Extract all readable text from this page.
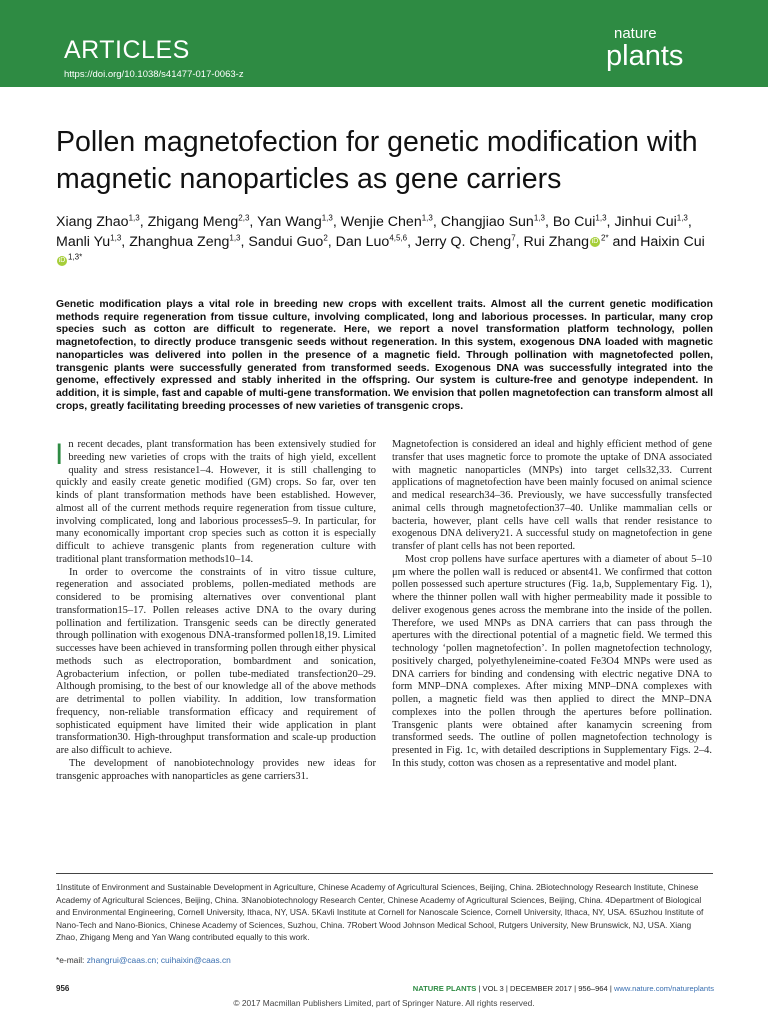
ARTICLES
https://doi.org/10.1038/s41477-017-0063-z
nature
plants
Pollen magnetofection for genetic modification with magnetic nanoparticles as gene carriers
Xiang Zhao$^{1,3}$, Zhigang Meng$^{2,3}$, Yan Wang$^{1,3}$, Wenjie Chen$^{1,3}$, Changjiao Sun$^{1,3}$, Bo Cui$^{1,3}$, Jinhui Cui$^{1,3}$, Manli Yu$^{1,3}$, Zhanghua Zeng$^{1,3}$, Sandui Guo$^2$, Dan Luo$^{4,5,6}$, Jerry Q. Cheng$^7$, Rui Zhang iD $^{2*}$ and Haixin CuiiD $^{1,3*}$

Genetic modification plays a vital role in breeding new crops with excellent traits. Almost all the current genetic modification methods require regeneration from tissue culture, involving complicated, long and laborious processes. In particular, many crop species such as cotton are difficult to regenerate. Here, we report a novel transformation platform technology, pollen magnetofection, to directly produce transgenic seeds without regeneration. In this system, exogenous DNA loaded with magnetic nanoparticles was delivered into pollen in the presence of a magnetic field. Through pollination with magnetofected pollen, transgenic plants were successfully generated from transformed seeds. Exogenous DNA was successfully integrated into the genome, effectively expressed and stably inherited in the offspring. Our system is culture-free and genotype independent. In addition, it is simple, fast and capable of multi-gene transformation. We envision that pollen magnetofection can transform almost all crops, greatly facilitating breeding processes of new varieties of transgenic crops.

In recent decades, plant transformation has been extensively studied for breeding new varieties of crops with the traits of high yield, excellent quality and stress resistance1–4. However, it is still challenging to quickly and easily create genetic modified (GM) crops. So far, over ten kinds of plant transformation methods have been established. However, almost all of the current methods require regeneration from tissue culture, involving complicated, long and laborious processes5–9. In particular, for many economically important crop species such as cotton it is especially difficult to achieve transgenic plants from regeneration culture with traditional plant transformation methods10–14.

In order to overcome the constraints of in vitro tissue culture, regeneration and associated problems, pollen-mediated methods are considered to be promising alternatives over conventional plant transformation15–17. Pollen releases active DNA to the ovary during pollination and fertilization. Transgenic seeds can be directly generated through pollination with exogenous DNA-transformed pollen18,19. Limited successes have been achieved in transforming pollen through either physical methods such as electroporation, bombardment and sonication, Agrobacterium infection, or pollen tube-mediated transfection20–29. Although promising, to the best of our knowledge all of the above methods are detrimental to pollen viability. In addition, low transformation frequency, non-reliable transformation efficacy and requirement of sophisticated equipment have limited their wide application in plant transformation30. High-throughput transformation and scale-up production are also difficult to achieve.

The development of nanobiotechnology provides new ideas for transgenic approaches with nanoparticles as gene carriers31.

Magnetofection is considered an ideal and highly efficient method of gene transfer that uses magnetic force to promote the uptake of DNA associated with magnetic nanoparticles (MNPs) into target cells32,33. Current applications of magnetofection have been mainly focused on animal science and medical research34–36. Previously, we have successfully transfected animal cells through magnetofection37–40. Unlike mammalian cells or bacteria, however, plant cells have cell walls that render resistance to exogenous DNA delivery21. A successful study on magnetofection in gene transfer of plant cells has not been reported.

Most crop pollens have surface apertures with a diameter of about 5–10 μm where the pollen wall is reduced or absent41. We confirmed that cotton pollen possessed such aperture structures (Fig. 1a,b, Supplementary Fig. 1), where the thinner pollen wall with higher permeability made it possible to deliver exogenous genes across the membrane into the inside of the pollen. Therefore, we used MNPs as DNA carriers that can pass through the apertures with the directional potential of a magnetic field. We termed this technology ‘pollen magnetofection’. In pollen magnetofection technology, positively charged, polyethyleneimine-coated Fe3O4 MNPs were used as DNA carriers for binding and condensing with electric negative DNA to form MNP–DNA complexes. After mixing MNP–DNA complexes with pollen, a magnetic field was then applied to direct the MNP–DNA complexes into the pollen through the apertures before pollination. Transgenic plants were obtained after kanamycin screening from transformed seeds. The outline of pollen magnetofection technology is presented in Fig. 1c, with detailed descriptions in Supplementary Figs. 2–4. In this study, cotton was chosen as a representative and model plant.

1Institute of Environment and Sustainable Development in Agriculture, Chinese Academy of Agricultural Sciences, Beijing, China. 2Biotechnology Research Institute, Chinese Academy of Agricultural Sciences, Beijing, China. 3Nanobiotechnology Research Center, Chinese Academy of Agricultural Sciences, Beijing, China. 4Department of Biological and Environmental Engineering, Cornell University, Ithaca, NY, USA. 5Kavli Institute at Cornell for Nanoscale Science, Cornell University, Ithaca, NY, USA. 6Suzhou Institute of Nano-Tech and Nano-Bionics, Chinese Academy of Sciences, Suzhou, China. 7Robert Wood Johnson Medical School, Rutgers University, New Brunswick, NJ, USA. Xiang Zhao, Zhigang Meng and Yan Wang contributed equally to this work.

*e-mail: zhangrui@caas.cn; cuihaixin@caas.cn
956	NATURE PLANTS | VOL 3 | DECEMBER 2017 | 956–964 | www.nature.com/natureplants
© 2017 Macmillan Publishers Limited, part of Springer Nature. All rights reserved.
